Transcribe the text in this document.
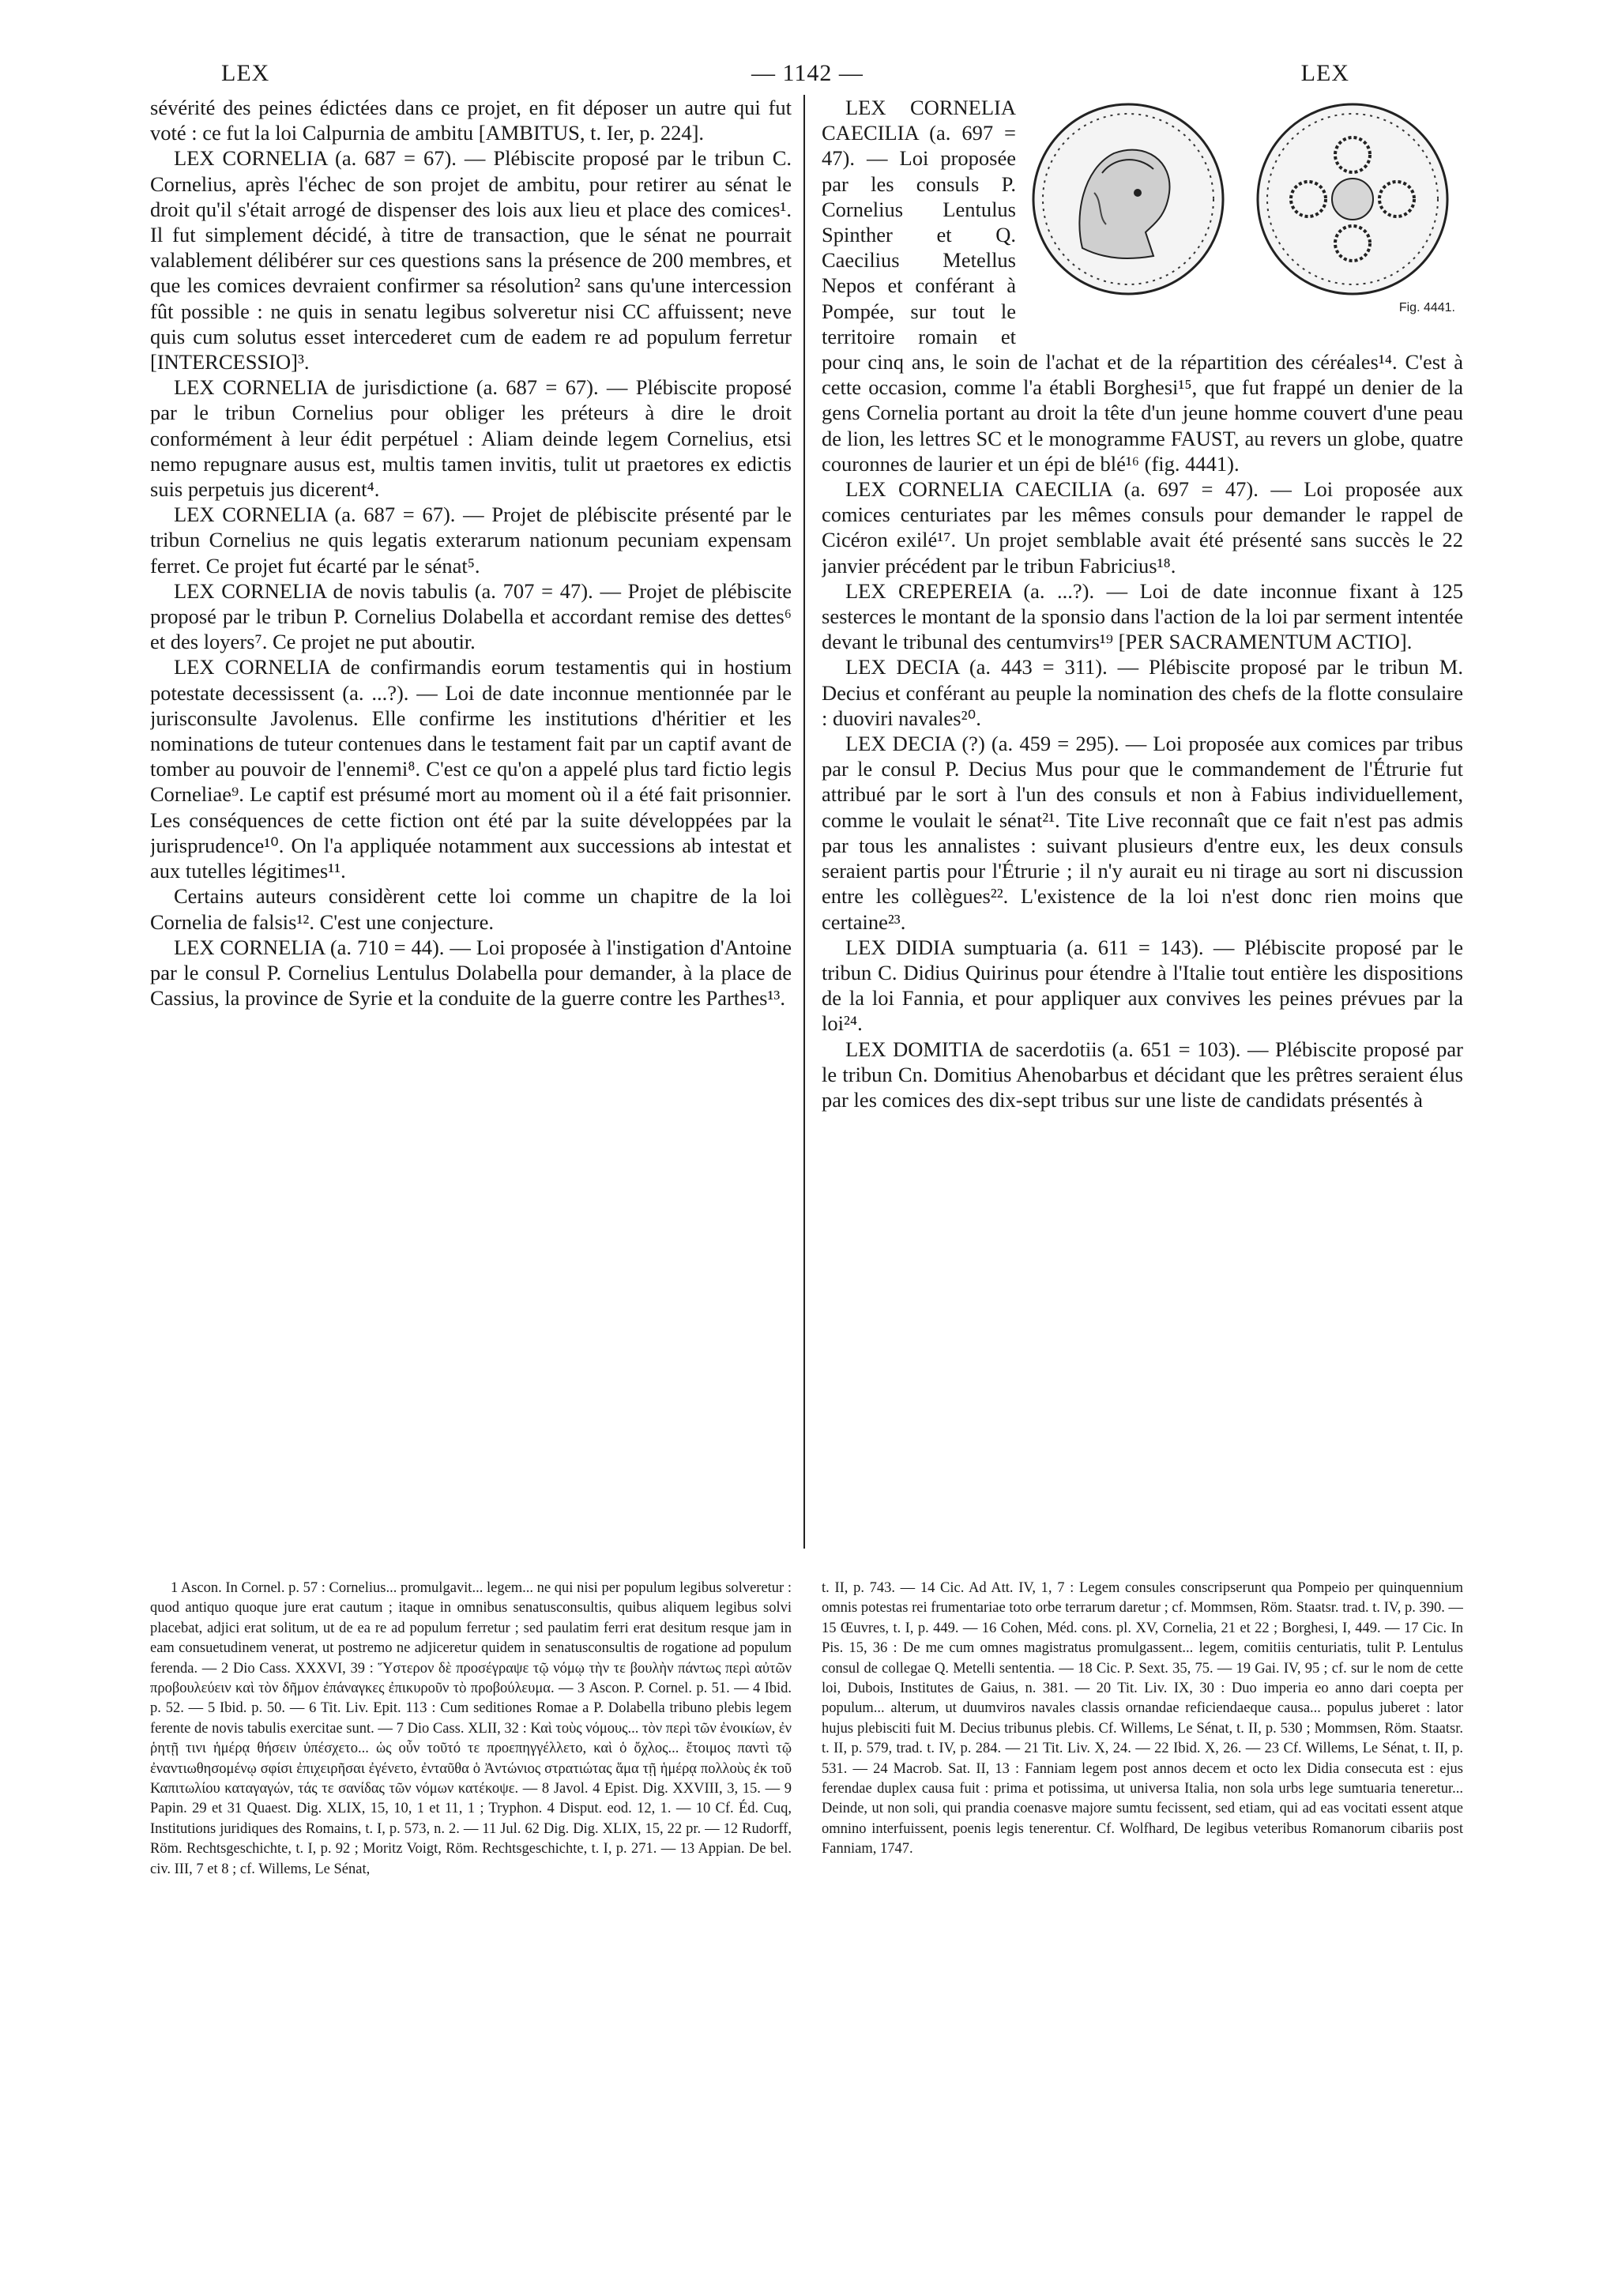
LEX	— 1142 —	LEX

sévérité des peines édictées dans ce projet, en fit déposer un autre qui fut voté : ce fut la loi Calpurnia de ambitu [AMBITUS, t. Ier, p. 224].

LEX CORNELIA (a. 687 = 67). — Plébiscite proposé par le tribun C. Cornelius, après l'échec de son projet de ambitu, pour retirer au sénat le droit qu'il s'était arrogé de dispenser des lois aux lieu et place des comices¹. Il fut simplement décidé, à titre de transaction, que le sénat ne pourrait valablement délibérer sur ces questions sans la présence de 200 membres, et que les comices devraient confirmer sa résolution² sans qu'une intercession fût possible : ne quis in senatu legibus solveretur nisi CC affuissent; neve quis cum solutus esset intercederet cum de eadem re ad populum ferretur [INTERCESSIO]³.

LEX CORNELIA de jurisdictione (a. 687 = 67). — Plébiscite proposé par le tribun Cornelius pour obliger les préteurs à dire le droit conformément à leur édit perpétuel : Aliam deinde legem Cornelius, etsi nemo repugnare ausus est, multis tamen invitis, tulit ut praetores ex edictis suis perpetuis jus dicerent⁴.

LEX CORNELIA (a. 687 = 67). — Projet de plébiscite présenté par le tribun Cornelius ne quis legatis exterarum nationum pecuniam expensam ferret. Ce projet fut écarté par le sénat⁵.

LEX CORNELIA de novis tabulis (a. 707 = 47). — Projet de plébiscite proposé par le tribun P. Cornelius Dolabella et accordant remise des dettes⁶ et des loyers⁷. Ce projet ne put aboutir.

LEX CORNELIA de confirmandis eorum testamentis qui in hostium potestate decessissent (a. ...?). — Loi de date inconnue mentionnée par le jurisconsulte Javolenus. Elle confirme les institutions d'héritier et les nominations de tuteur contenues dans le testament fait par un captif avant de tomber au pouvoir de l'ennemi⁸. C'est ce qu'on a appelé plus tard fictio legis Corneliae⁹. Le captif est présumé mort au moment où il a été fait prisonnier. Les conséquences de cette fiction ont été par la suite développées par la jurisprudence¹⁰. On l'a appliquée notamment aux successions ab intestat et aux tutelles légitimes¹¹.

Certains auteurs considèrent cette loi comme un chapitre de la loi Cornelia de falsis¹². C'est une conjecture.

LEX CORNELIA (a. 710 = 44). — Loi proposée à l'instigation d'Antoine par le consul P. Cornelius Lentulus Dolabella pour demander, à la place de Cassius, la province de Syrie et la conduite de la guerre contre les Parthes¹³.

Fig. 4441.

LEX CORNELIA CAECILIA (a. 697 = 47). — Loi proposée par les consuls P. Cornelius Lentulus Spinther et Q. Caecilius Metellus Nepos et conférant à Pompée, sur tout le territoire romain et pour cinq ans, le soin de l'achat et de la répartition des céréales¹⁴. C'est à cette occasion, comme l'a établi Borghesi¹⁵, que fut frappé un denier de la gens Cornelia portant au droit la tête d'un jeune homme couvert d'une peau de lion, les lettres SC et le monogramme FAUST, au revers un globe, quatre couronnes de laurier et un épi de blé¹⁶ (fig. 4441).

LEX CORNELIA CAECILIA (a. 697 = 47). — Loi proposée aux comices centuriates par les mêmes consuls pour demander le rappel de Cicéron exilé¹⁷. Un projet semblable avait été présenté sans succès le 22 janvier précédent par le tribun Fabricius¹⁸.

LEX CREPEREIA (a. ...?). — Loi de date inconnue fixant à 125 sesterces le montant de la sponsio dans l'action de la loi par serment intentée devant le tribunal des centumvirs¹⁹ [PER SACRAMENTUM ACTIO].

LEX DECIA (a. 443 = 311). — Plébiscite proposé par le tribun M. Decius et conférant au peuple la nomination des chefs de la flotte consulaire : duoviri navales²⁰.

LEX DECIA (?) (a. 459 = 295). — Loi proposée aux comices par tribus par le consul P. Decius Mus pour que le commandement de l'Étrurie fut attribué par le sort à l'un des consuls et non à Fabius individuellement, comme le voulait le sénat²¹. Tite Live reconnaît que ce fait n'est pas admis par tous les annalistes : suivant plusieurs d'entre eux, les deux consuls seraient partis pour l'Étrurie ; il n'y aurait eu ni tirage au sort ni discussion entre les collègues²². L'existence de la loi n'est donc rien moins que certaine²³.

LEX DIDIA sumptuaria (a. 611 = 143). — Plébiscite proposé par le tribun C. Didius Quirinus pour étendre à l'Italie tout entière les dispositions de la loi Fannia, et pour appliquer aux convives les peines prévues par la loi²⁴.

LEX DOMITIA de sacerdotiis (a. 651 = 103). — Plébiscite proposé par le tribun Cn. Domitius Ahenobarbus et décidant que les prêtres seraient élus par les comices des dix-sept tribus sur une liste de candidats présentés à

1 Ascon. In Cornel. p. 57 : Cornelius... promulgavit... legem... ne qui nisi per populum legibus solveretur : quod antiquo quoque jure erat cautum ; itaque in omnibus senatusconsultis, quibus aliquem legibus solvi placebat, adjici erat solitum, ut de ea re ad populum ferretur ; sed paulatim ferri erat desitum resque jam in eam consuetudinem venerat, ut postremo ne adjiceretur quidem in senatusconsultis de rogatione ad populum ferenda. — 2 Dio Cass. XXXVI, 39 : Ὕστερον δὲ προσέγραψε τῷ νόμῳ τὴν τε βουλὴν πάντως περὶ αὐτῶν προβουλεύειν καὶ τὸν δῆμον ἐπάναγκες ἐπικυροῦν τὸ προβούλευμα. — 3 Ascon. P. Cornel. p. 51. — 4 Ibid. p. 52. — 5 Ibid. p. 50. — 6 Tit. Liv. Epit. 113 : Cum seditiones Romae a P. Dolabella tribuno plebis legem ferente de novis tabulis exercitae sunt. — 7 Dio Cass. XLII, 32 : Καὶ τοὺς νόμους... τὸν περὶ τῶν ἐνοικίων, ἐν ῥητῇ τινι ἡμέρᾳ θήσειν ὑπέσχετο... ὡς οὖν τοῦτό τε προεπηγγέλλετο, καὶ ὁ ὄχλος... ἕτοιμος παντὶ τῷ ἐναντιωθησομένῳ σφίσι ἐπιχειρῆσαι ἐγένετο, ἐνταῦθα ὁ Ἀντώνιος στρατιώτας ἅμα τῇ ἡμέρᾳ πολλοὺς ἐκ τοῦ Καπιτωλίου καταγαγών, τάς τε σανίδας τῶν νόμων κατέκοψε. — 8 Javol. 4 Epist. Dig. XXVIII, 3, 15. — 9 Papin. 29 et 31 Quaest. Dig. XLIX, 15, 10, 1 et 11, 1 ; Tryphon. 4 Disput. eod. 12, 1. — 10 Cf. Éd. Cuq, Institutions juridiques des Romains, t. I, p. 573, n. 2. — 11 Jul. 62 Dig. Dig. XLIX, 15, 22 pr. — 12 Rudorff, Röm. Rechtsgeschichte, t. I, p. 92 ; Moritz Voigt, Röm. Rechtsgeschichte, t. I, p. 271. — 13 Appian. De bel. civ. III, 7 et 8 ; cf. Willems, Le Sénat,

t. II, p. 743. — 14 Cic. Ad Att. IV, 1, 7 : Legem consules conscripserunt qua Pompeio per quinquennium omnis potestas rei frumentariae toto orbe terrarum daretur ; cf. Mommsen, Röm. Staatsr. trad. t. IV, p. 390. — 15 Œuvres, t. I, p. 449. — 16 Cohen, Méd. cons. pl. XV, Cornelia, 21 et 22 ; Borghesi, I, 449. — 17 Cic. In Pis. 15, 36 : De me cum omnes magistratus promulgassent... legem, comitiis centuriatis, tulit P. Lentulus consul de collegae Q. Metelli sententia. — 18 Cic. P. Sext. 35, 75. — 19 Gai. IV, 95 ; cf. sur le nom de cette loi, Dubois, Institutes de Gaius, n. 381. — 20 Tit. Liv. IX, 30 : Duo imperia eo anno dari coepta per populum... alterum, ut duumviros navales classis ornandae reficiendaeque causa... populus juberet : lator hujus plebisciti fuit M. Decius tribunus plebis. Cf. Willems, Le Sénat, t. II, p. 530 ; Mommsen, Röm. Staatsr. t. II, p. 579, trad. t. IV, p. 284. — 21 Tit. Liv. X, 24. — 22 Ibid. X, 26. — 23 Cf. Willems, Le Sénat, t. II, p. 531. — 24 Macrob. Sat. II, 13 : Fanniam legem post annos decem et octo lex Didia consecuta est : ejus ferendae duplex causa fuit : prima et potissima, ut universa Italia, non sola urbs lege sumtuaria teneretur... Deinde, ut non soli, qui prandia coenasve majore sumtu fecissent, sed etiam, qui ad eas vocitati essent atque omnino interfuissent, poenis legis tenerentur. Cf. Wolfhard, De legibus veteribus Romanorum cibariis post Fanniam, 1747.
